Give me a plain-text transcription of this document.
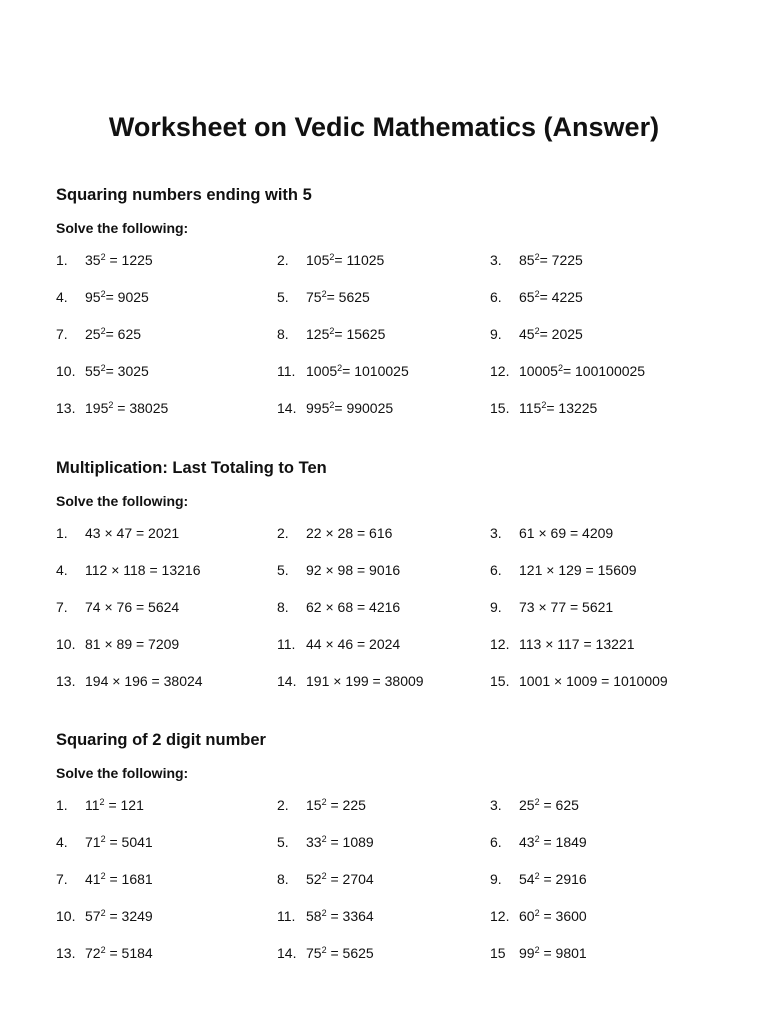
Worksheet on Vedic Mathematics (Answer)
Squaring numbers ending with 5
Solve the following:
1. $35^2 = 1225$	2. $105^2= 11025$	3. $85^2= 7225$
4. $95^2= 9025$	5. $75^2= 5625$	6. $65^2= 4225$
7. $25^2= 625$	8. $125^2= 15625$	9. $45^2= 2025$
10. $55^2= 3025$	11. $1005^2= 1010025$	12. $10005^2= 100100025$
13. $195^2 = 38025$	14. $995^2= 990025$	15. $115^2= 13225$
Multiplication: Last Totaling to Ten
Solve the following:
1. 43 × 47 = 2021	2. 22 × 28 = 616	3. 61 × 69 = 4209
4. 112 × 118 = 13216	5. 92 × 98 = 9016	6. 121 × 129 = 15609
7. 74 × 76 = 5624	8. 62 × 68 = 4216	9. 73 × 77 = 5621
10. 81 × 89 = 7209	11. 44 × 46 = 2024	12. 113 × 117 = 13221
13. 194 × 196 = 38024	14. 191 × 199 = 38009	15. 1001 × 1009 = 1010009
Squaring of 2 digit number
Solve the following:
1. $11^2 = 121$	2. $15^2 = 225$	3. $25^2 = 625$
4. $71^2 = 5041$	5. $33^2 = 1089$	6. $43^2 = 1849$
7. $41^2 = 1681$	8. $52^2 = 2704$	9. $54^2 = 2916$
10. $57^2 = 3249$	11. $58^2 = 3364$	12. $60^2 = 3600$
13. $72^2 = 5184$	14. $75^2 = 5625$	15 $99^2 = 9801$
